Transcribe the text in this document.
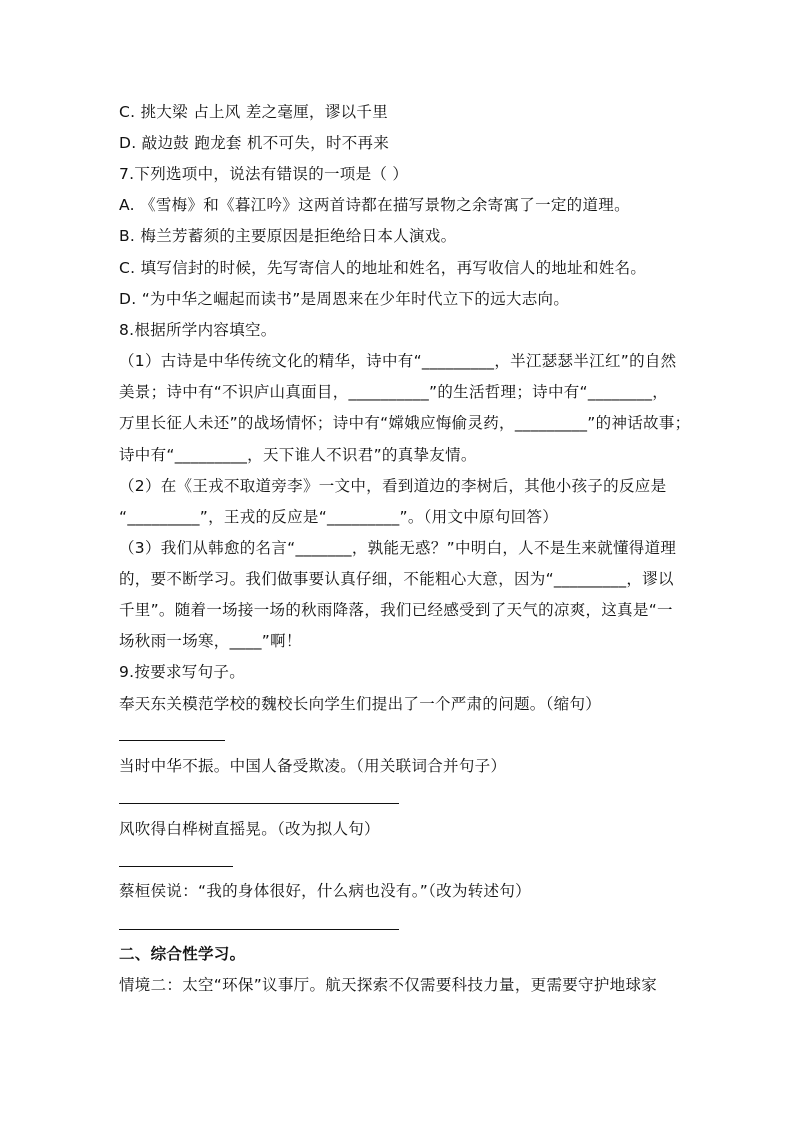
C. 挑大梁 占上风 差之毫厘，谬以千里
D. 敲边鼓 跑龙套 机不可失，时不再来
7.下列选项中，说法有错误的一项是（ ）
A. 《雪梅》和《暮江吟》这两首诗都在描写景物之余寄寓了一定的道理。
B. 梅兰芳蓄须的主要原因是拒绝给日本人演戏。
C. 填写信封的时候，先写寄信人的地址和姓名，再写收信人的地址和姓名。
D. “为中华之崛起而读书”是周恩来在少年时代立下的远大志向。
8.根据所学内容填空。
（1）古诗是中华传统文化的精华，诗中有“_________，半江瑟瑟半江红”的自然
美景；诗中有“不识庐山真面目，__________”的生活哲理；诗中有“________，
万里长征人未还”的战场情怀；诗中有“嫦娥应悔偷灵药，_________”的神话故事；
诗中有“_________，天下谁人不识君”的真挚友情。
（2）在《王戎不取道旁李》一文中，看到道边的李树后，其他小孩子的反应是
“_________”，王戎的反应是“_________”。（用文中原句回答）
（3）我们从韩愈的名言“_______，孰能无惑？”中明白，人不是生来就懂得道理
的，要不断学习。我们做事要认真仔细，不能粗心大意，因为“_________，谬以
千里”。随着一场接一场的秋雨降落，我们已经感受到了天气的凉爽，这真是“一
场秋雨一场寒，____”啊！
9.按要求写句子。
奉天东关模范学校的魏校长向学生们提出了一个严肃的问题。（缩句）
当时中华不振。中国人备受欺凌。（用关联词合并句子）
风吹得白桦树直摇晃。（改为拟人句）
蔡桓侯说：“我的身体很好，什么病也没有。”（改为转述句）
二、综合性学习。
情境二：太空“环保”议事厅。航天探索不仅需要科技力量，更需要守护地球家
